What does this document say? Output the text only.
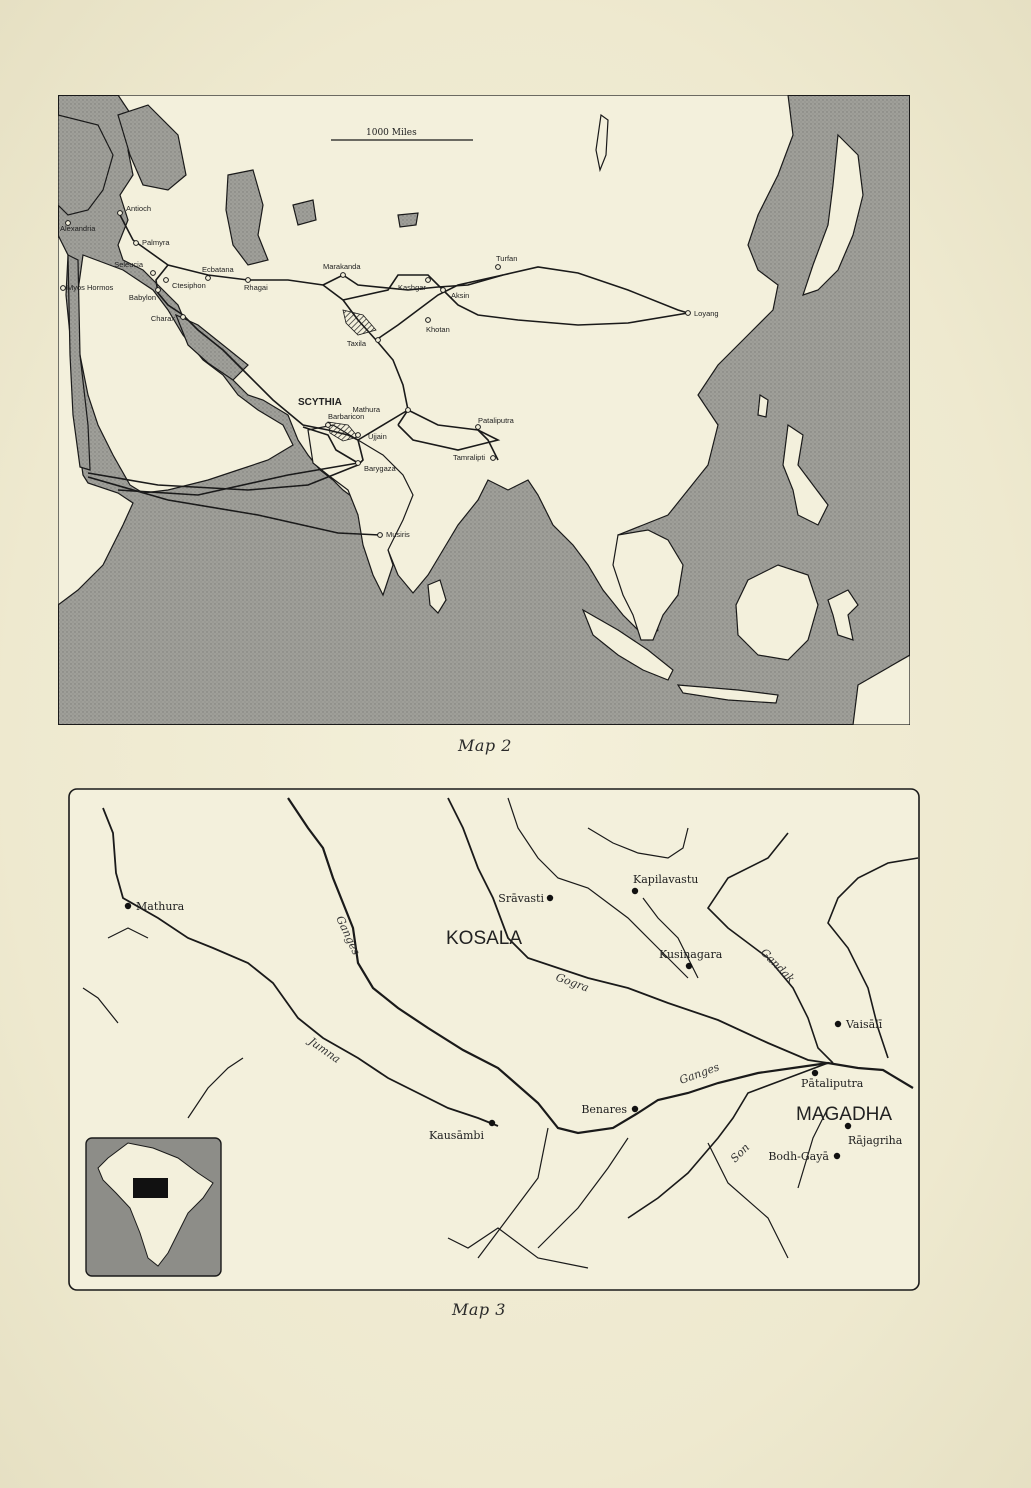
1000 Miles
Antioch
Alexandria
Palmyra
Seleucia
Myos Hormos	Ctesiphon
Babylon
Charax
Ecbatana
Rhagai
Marakanda
Kashgar
Aksin
Turfan
Khotan
Loyang
Taxila
Mathura
Barbaricon
Ujjain
Pataliputra
Tamralipti
Barygaza
Musiris
SCYTHIA
Map 2
Mathura
Srāvasti
Kapilavastu
Kusinagara
Vaisālī
Pātaliputra
Benares
Kausāmbi
Bodh-Gayā
Rājagriha
KOSALA
MAGADHA
Ganges
Gogra	Gandak
Ganges
Son
Jumna
Map 3
